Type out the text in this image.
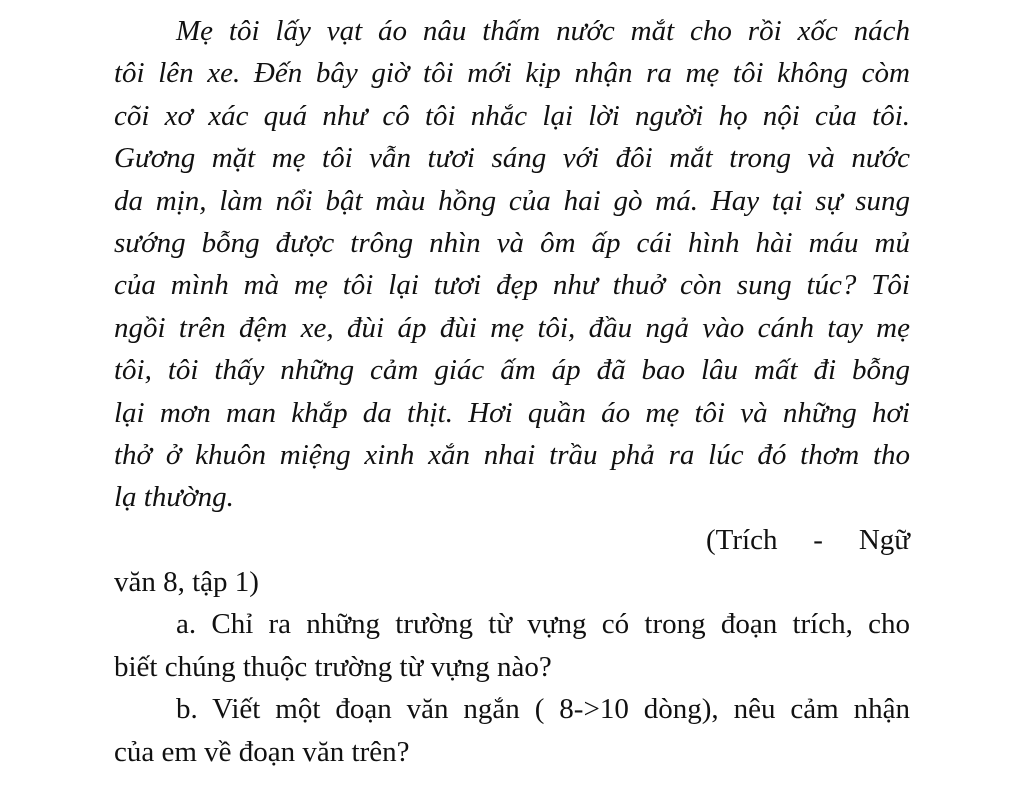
Mẹ tôi lấy vạt áo nâu thấm nước mắt cho rồi xốc nách
tôi lên xe. Đến bây giờ tôi mới kịp nhận ra mẹ tôi không còm
cõi xơ xác quá như cô tôi nhắc lại lời người họ nội của tôi.
Gương mặt mẹ tôi vẫn tươi sáng với đôi mắt trong và nước
da mịn, làm nổi bật màu hồng của hai gò má. Hay tại sự sung
sướng bỗng được trông nhìn và ôm ấp cái hình hài máu mủ
của mình mà mẹ tôi lại tươi đẹp như thuở còn sung túc? Tôi
ngồi trên đệm xe, đùi áp đùi mẹ tôi, đầu ngả vào cánh tay mẹ
tôi, tôi thấy những cảm giác ấm áp đã bao lâu mất đi bỗng
lại mơn man khắp da thịt. Hơi quần áo mẹ tôi và những hơi
thở ở khuôn miệng xinh xắn nhai trầu phả ra lúc đó thơm tho
lạ thường.
(Trích - Ngữ
văn 8, tập 1)
a. Chỉ ra những trường từ vựng có trong đoạn trích, cho
biết chúng thuộc trường từ vựng nào?
b. Viết một đoạn văn ngắn ( 8->10 dòng), nêu cảm nhận
của em về đoạn văn trên?
